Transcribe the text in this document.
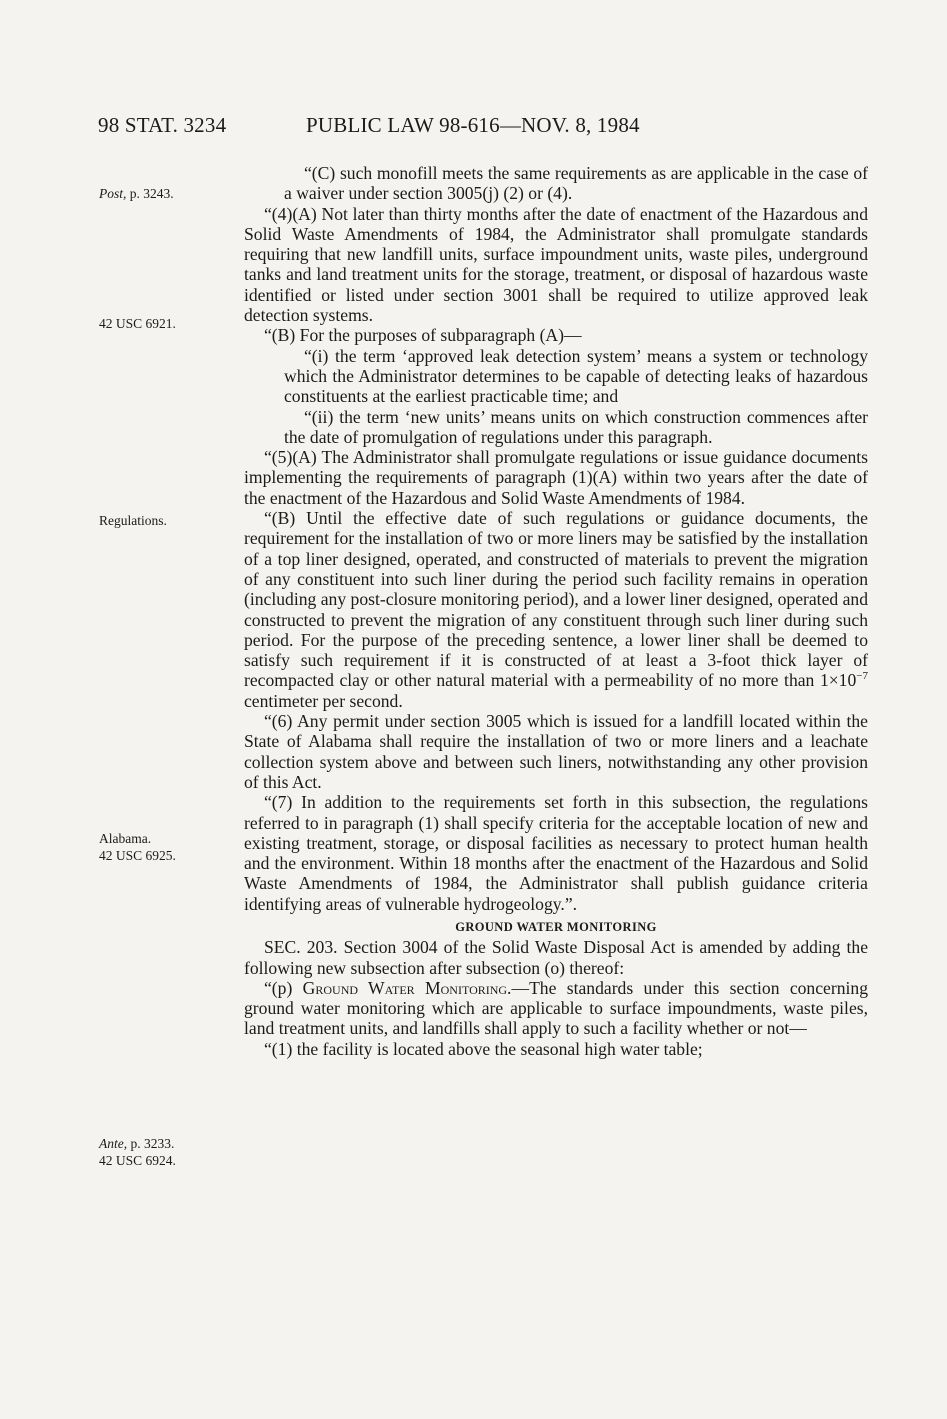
98 STAT. 3234	PUBLIC LAW 98-616—NOV. 8, 1984
Post, p. 3243.
42 USC 6921.
Regulations.
Alabama.
42 USC 6925.
Ante, p. 3233.
42 USC 6924.

“(C) such monofill meets the same requirements as are applicable in the case of a waiver under section 3005(j) (2) or (4).

“(4)(A) Not later than thirty months after the date of enactment of the Hazardous and Solid Waste Amendments of 1984, the Administrator shall promulgate standards requiring that new landfill units, surface impoundment units, waste piles, underground tanks and land treatment units for the storage, treatment, or disposal of hazardous waste identified or listed under section 3001 shall be required to utilize approved leak detection systems.

“(B) For the purposes of subparagraph (A)—

“(i) the term ‘approved leak detection system’ means a system or technology which the Administrator determines to be capable of detecting leaks of hazardous constituents at the earliest practicable time; and

“(ii) the term ‘new units’ means units on which construction commences after the date of promulgation of regulations under this paragraph.

“(5)(A) The Administrator shall promulgate regulations or issue guidance documents implementing the requirements of paragraph (1)(A) within two years after the date of the enactment of the Hazardous and Solid Waste Amendments of 1984.

“(B) Until the effective date of such regulations or guidance documents, the requirement for the installation of two or more liners may be satisfied by the installation of a top liner designed, operated, and constructed of materials to prevent the migration of any constituent into such liner during the period such facility remains in operation (including any post-closure monitoring period), and a lower liner designed, operated and constructed to prevent the migration of any constituent through such liner during such period. For the purpose of the preceding sentence, a lower liner shall be deemed to satisfy such requirement if it is constructed of at least a 3-foot thick layer of recompacted clay or other natural material with a permeability of no more than $1\times 10^{-7}$ centimeter per second.

“(6) Any permit under section 3005 which is issued for a landfill located within the State of Alabama shall require the installation of two or more liners and a leachate collection system above and between such liners, notwithstanding any other provision of this Act.

“(7) In addition to the requirements set forth in this subsection, the regulations referred to in paragraph (1) shall specify criteria for the acceptable location of new and existing treatment, storage, or disposal facilities as necessary to protect human health and the environment. Within 18 months after the enactment of the Hazardous and Solid Waste Amendments of 1984, the Administrator shall publish guidance criteria identifying areas of vulnerable hydrogeology.”.

GROUND WATER MONITORING

SEC. 203. Section 3004 of the Solid Waste Disposal Act is amended by adding the following new subsection after subsection (o) thereof:

“(p) Ground Water Monitoring.—The standards under this section concerning ground water monitoring which are applicable to surface impoundments, waste piles, land treatment units, and landfills shall apply to such a facility whether or not—

“(1) the facility is located above the seasonal high water table;
